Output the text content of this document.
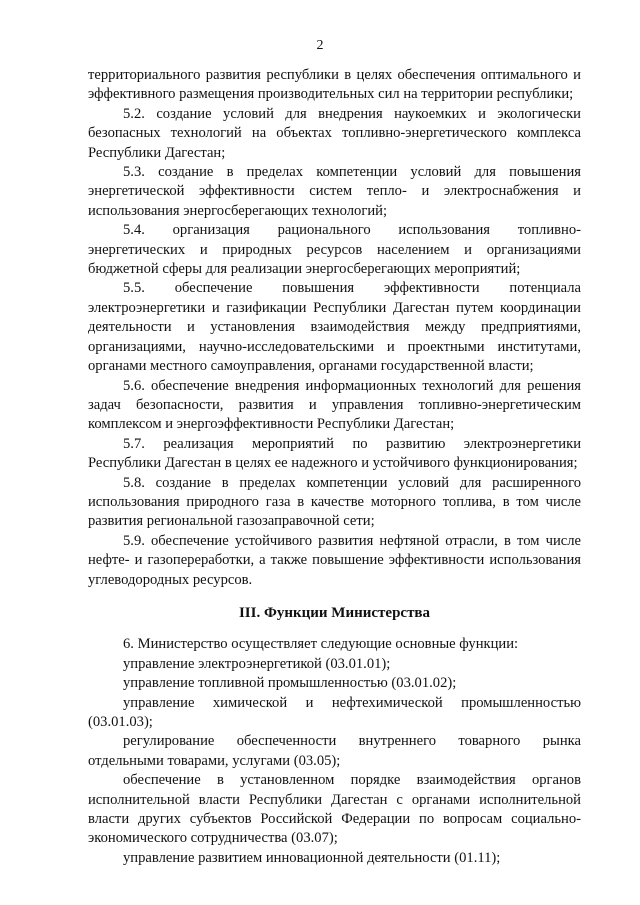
2

территориального развития республики в целях обеспечения оптимального и эффективного размещения производительных сил на территории республики;

5.2. создание условий для внедрения наукоемких и экологически безопасных технологий на объектах топливно-энергетического комплекса Республики Дагестан;

5.3. создание в пределах компетенции условий для повышения энергетической эффективности систем тепло- и электроснабжения и использования энергосберегающих технологий;

5.4. организация рационального использования топливно-энергетических и природных ресурсов населением и организациями бюджетной сферы для реализации энергосберегающих мероприятий;

5.5. обеспечение повышения эффективности потенциала электроэнергетики и газификации Республики Дагестан путем координации деятельности и установления взаимодействия между предприятиями, организациями, научно-исследовательскими и проектными институтами, органами местного самоуправления, органами государственной власти;

5.6. обеспечение внедрения информационных технологий для решения задач безопасности, развития и управления топливно-энергетическим комплексом и энергоэффективности Республики Дагестан;

5.7. реализация мероприятий по развитию электроэнергетики Республики Дагестан в целях ее надежного и устойчивого функционирования;

5.8. создание в пределах компетенции условий для расширенного использования природного газа в качестве моторного топлива, в том числе развития региональной газозаправочной сети;

5.9. обеспечение устойчивого развития нефтяной отрасли, в том числе нефте- и газопереработки, а также повышение эффективности использования углеводородных ресурсов.

III. Функции Министерства

6. Министерство осуществляет следующие основные функции:

управление электроэнергетикой (03.01.01);

управление топливной промышленностью (03.01.02);

управление химической и нефтехимической промышленностью (03.01.03);

регулирование обеспеченности внутреннего товарного рынка отдельными товарами, услугами (03.05);

обеспечение в установленном порядке взаимодействия органов исполнительной власти Республики Дагестан с органами исполнительной власти других субъектов Российской Федерации по вопросам социально-экономического сотрудничества (03.07);

управление развитием инновационной деятельности (01.11);
